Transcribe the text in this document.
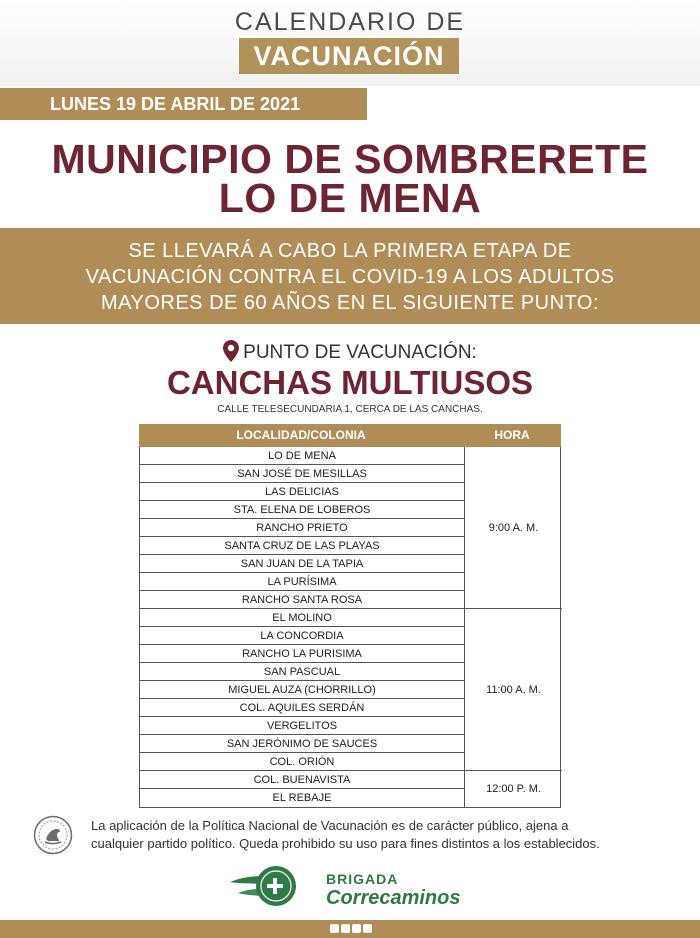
CALENDARIO DE
VACUNACIÓN
LUNES 19 DE ABRIL DE 2021
MUNICIPIO DE SOMBRERETE
LO DE MENA
SE LLEVARÁ A CABO LA PRIMERA ETAPA DE
VACUNACIÓN CONTRA EL COVID-19 A LOS ADULTOS
MAYORES DE 60 AÑOS EN EL SIGUIENTE PUNTO:
PUNTO DE VACUNACIÓN:
CANCHAS MULTIUSOS
CALLE TELESECUNDARIA 1, CERCA DE LAS CANCHAS.
LOCALIDAD/COLONIA	HORA
LO DE MENA
SAN JOSÉ DE MESILLAS
LAS DELICIAS
STA. ELENA DE LOBEROS
RANCHO PRIETO
SANTA CRUZ DE LAS PLAYAS
SAN JUAN DE LA TAPIA
LA PURÍSIMA
RANCHO SANTA ROSA
EL MOLINO
LA CONCORDIA
RANCHO LA PURISIMA
SAN PASCUAL
MIGUEL AUZA (CHORRILLO)
COL. AQUILES SERDÁN
VERGELITOS
SAN JERÓNIMO DE SAUCES
COL. ORIÓN
COL. BUENAVISTA
EL REBAJE
9:00 A. M.
11:00 A. M.
12:00 P. M.
La aplicación de la Política Nacional de Vacunación es de carácter público, ajena a
cualquier partido político. Queda prohibido su uso para fines distintos a los establecidos.
BRIGADA
Correcaminos
